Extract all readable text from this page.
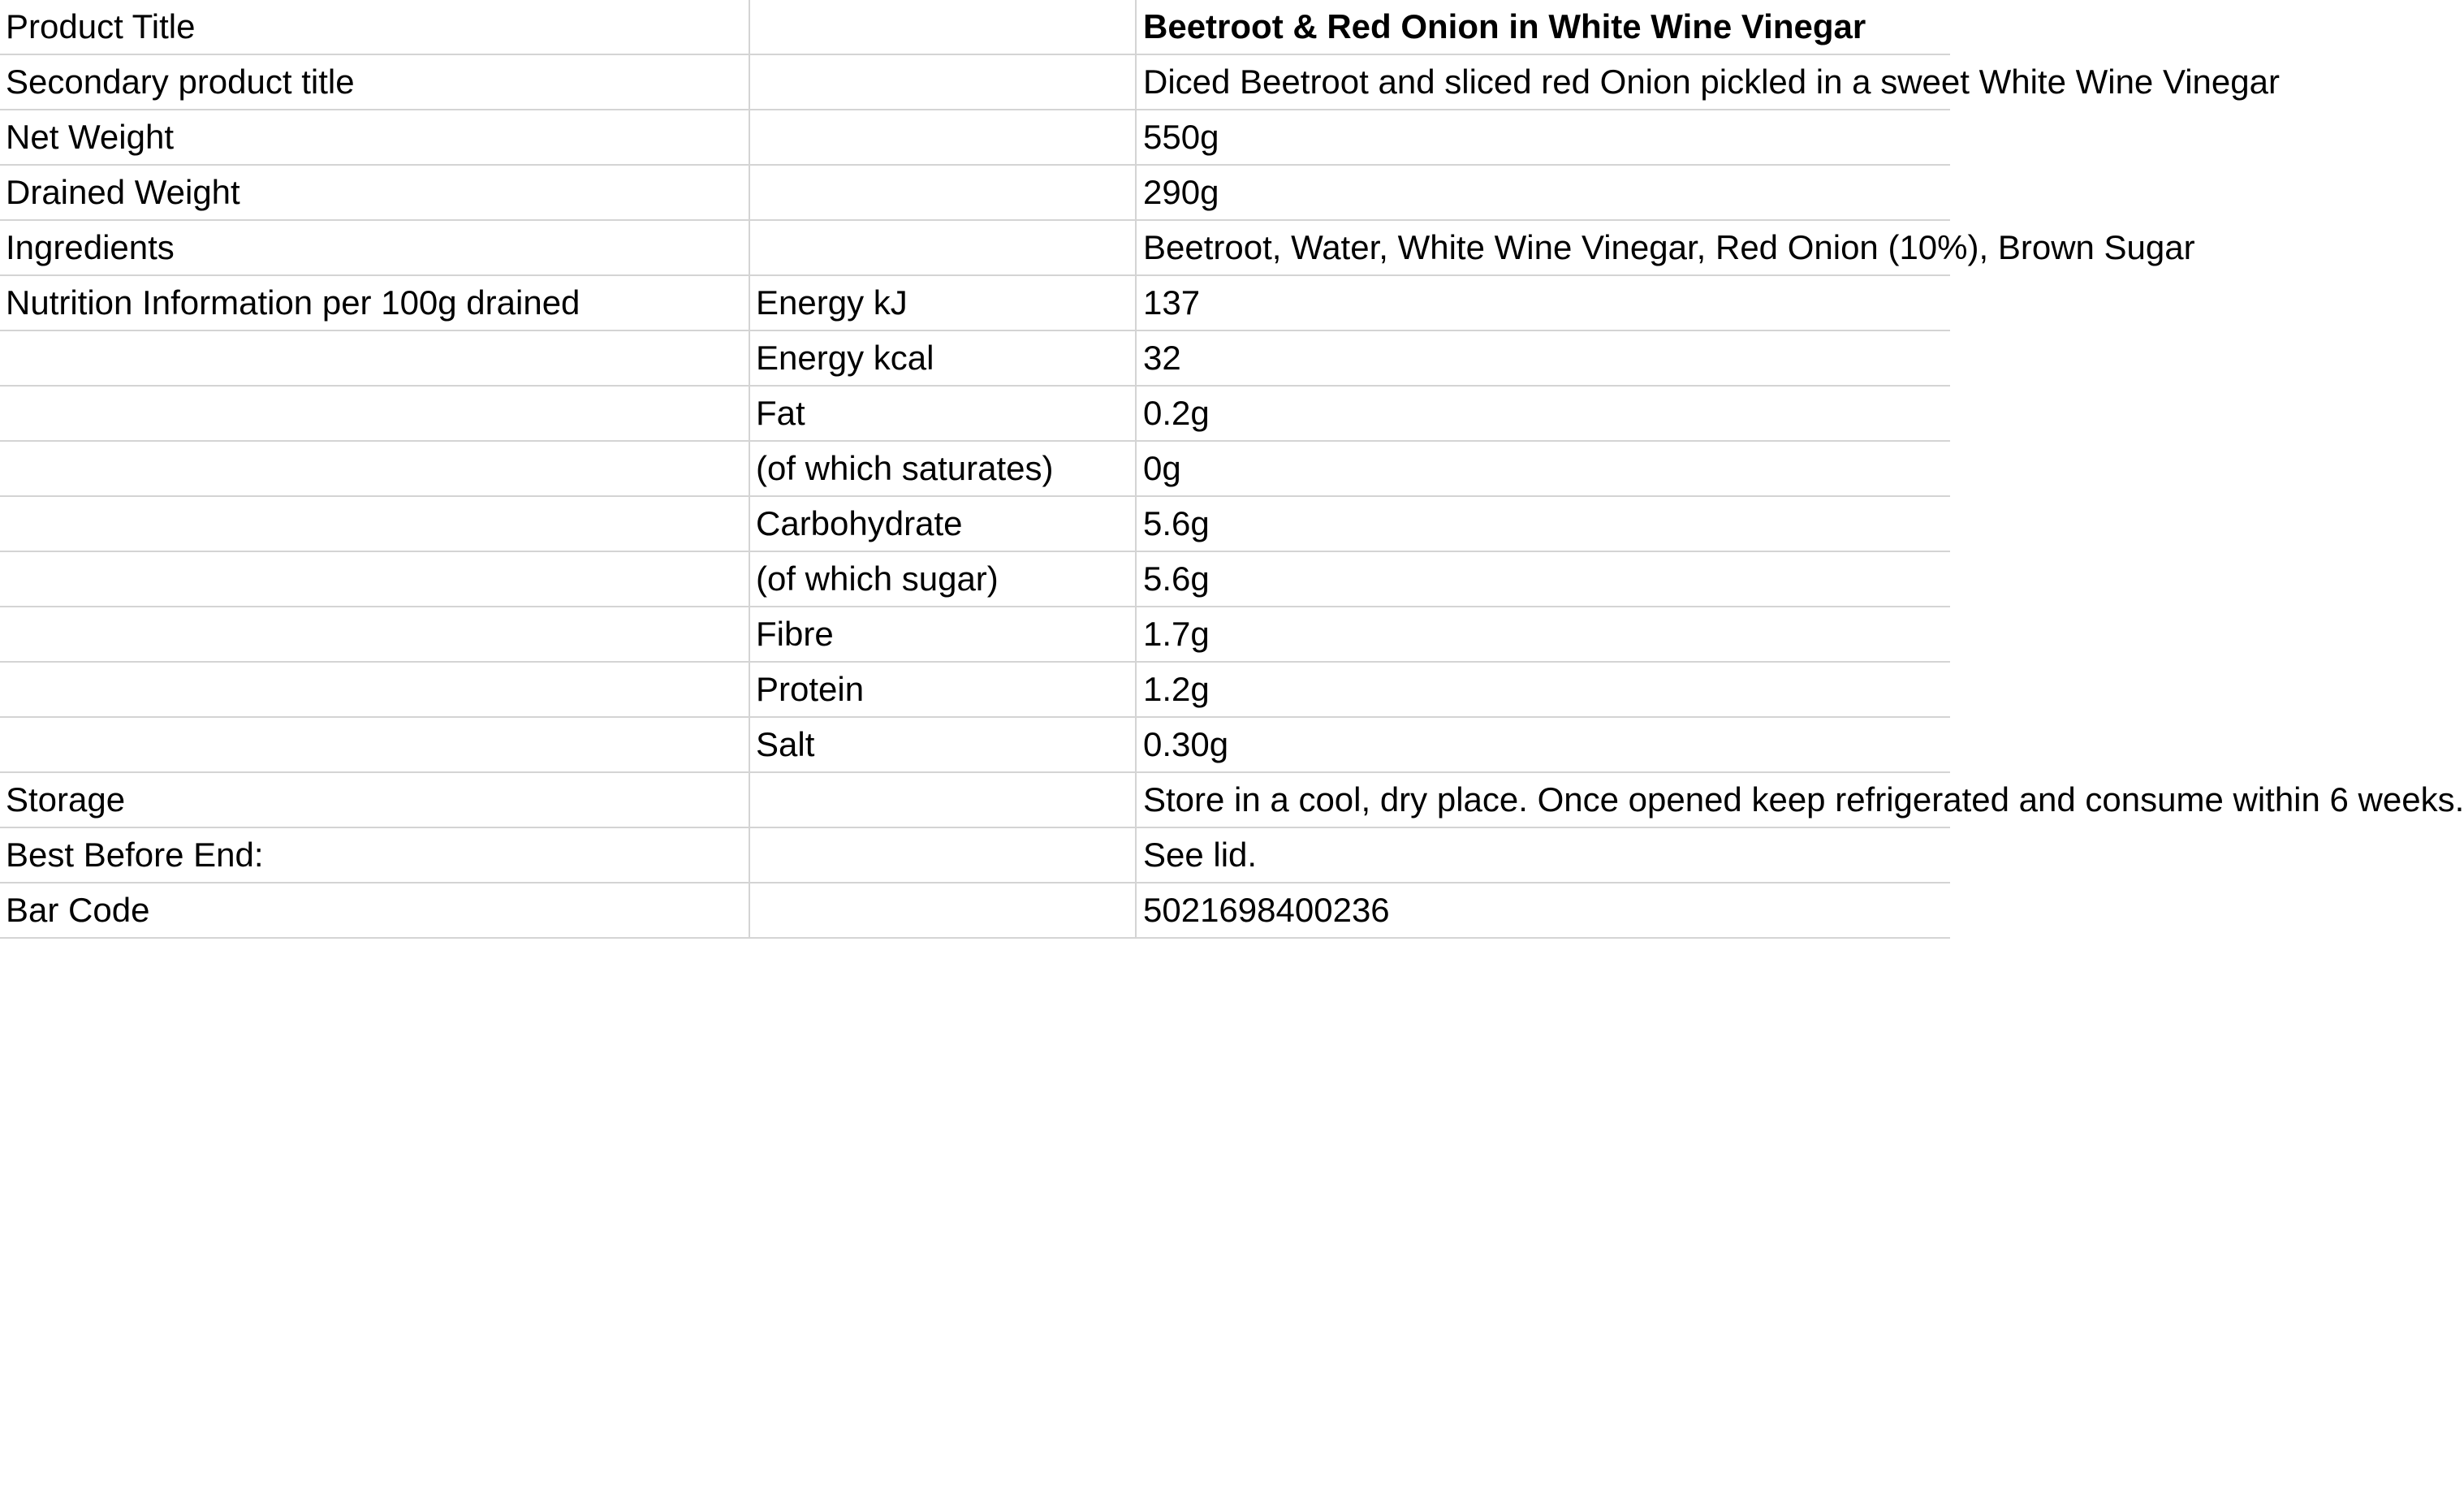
Product Title		Beetroot & Red Onion in White Wine Vinegar
Secondary product title		Diced Beetroot and sliced red Onion pickled in a sweet White Wine Vinegar
Net Weight		550g
Drained Weight		290g
Ingredients		Beetroot, Water, White Wine Vinegar, Red Onion (10%), Brown Sugar
Nutrition Information per 100g drained	Energy kJ	137
	Energy kcal	32
	Fat	0.2g
	(of which saturates)	0g
	Carbohydrate	5.6g
	(of which sugar)	5.6g
	Fibre	1.7g
	Protein	1.2g
	Salt	0.30g
Storage		Store in a cool, dry place. Once opened keep refrigerated and consume within 6 weeks.
Best Before End:		See lid.
Bar Code		5021698400236
